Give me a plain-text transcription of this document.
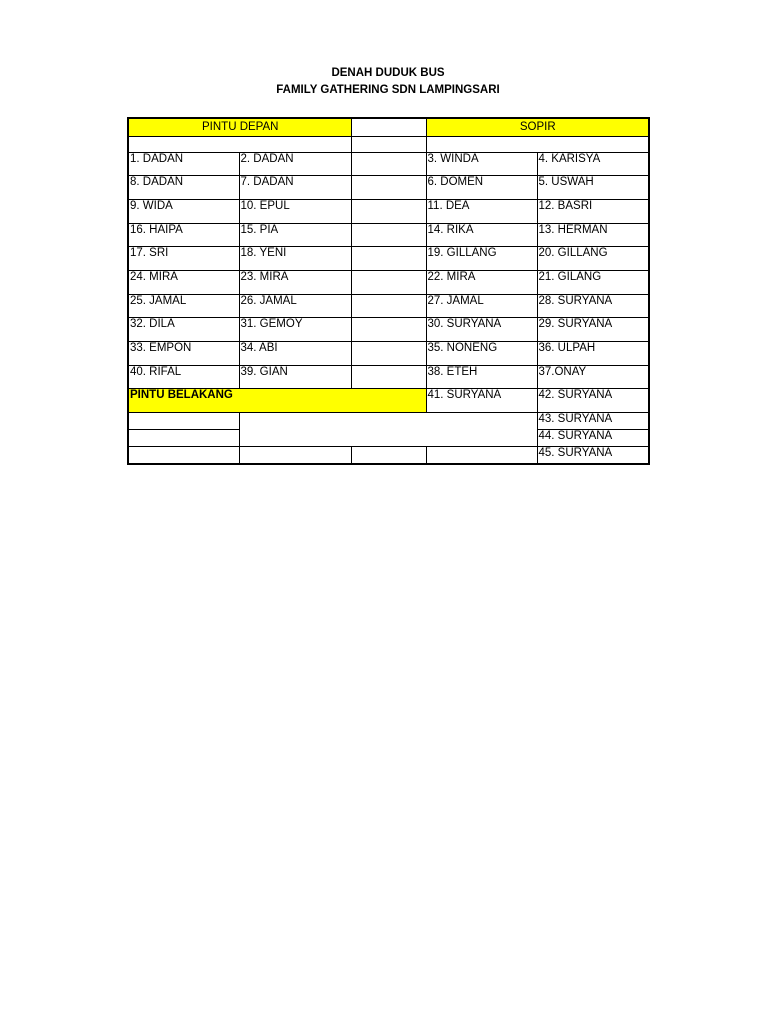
DENAH DUDUK BUS
FAMILY GATHERING SDN LAMPINGSARI
PINTU DEPAN			SOPIR	

1. DADAN	2. DADAN		3. WINDA	4. KARISYA
8. DADAN	7. DADAN		6. DOMEN	5. USWAH
9. WIDA	10. EPUL		11. DEA	12. BASRI
16. HAIPA	15. PIA		14. RIKA	13. HERMAN
17. SRI	18. YENI		19. GILLANG	20. GILLANG
24. MIRA	23. MIRA		22. MIRA	21. GILANG
25. JAMAL	26. JAMAL		27. JAMAL	28. SURYANA
32. DILA	31. GEMOY		30. SURYANA	29. SURYANA
33. EMPON	34. ABI		35. NONENG	36. ULPAH
40. RIFAL	39. GIAN		38. ETEH	37.ONAY
PINTU BELAKANG			41. SURYANA	42. SURYANA
				43. SURYANA
				44. SURYANA
				45. SURYANA
